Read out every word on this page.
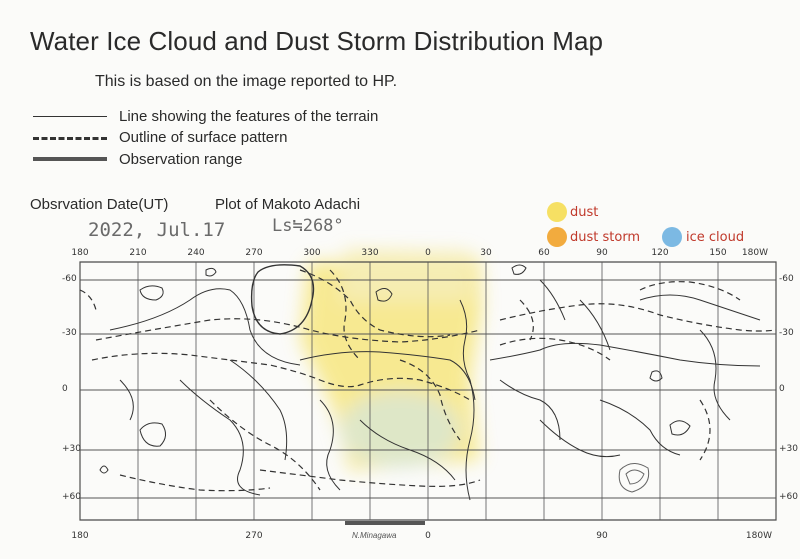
Water Ice Cloud and Dust Storm Distribution Map
This is based on the image reported to HP.
Line showing the features of the terrain
Outline of surface pattern
Observation range
Obsrvation Date(UT)	Plot of Makoto Adachi
2022, Jul.17	Ls≒268°
dust
dust storm	ice cloud
180	210	240	270	300	330	0	30	60	90	120	150 180W
180	270	0	90	180W
-60
-30
0
+30
+60
-60
-30
0
+30
+60
N.Minagawa
